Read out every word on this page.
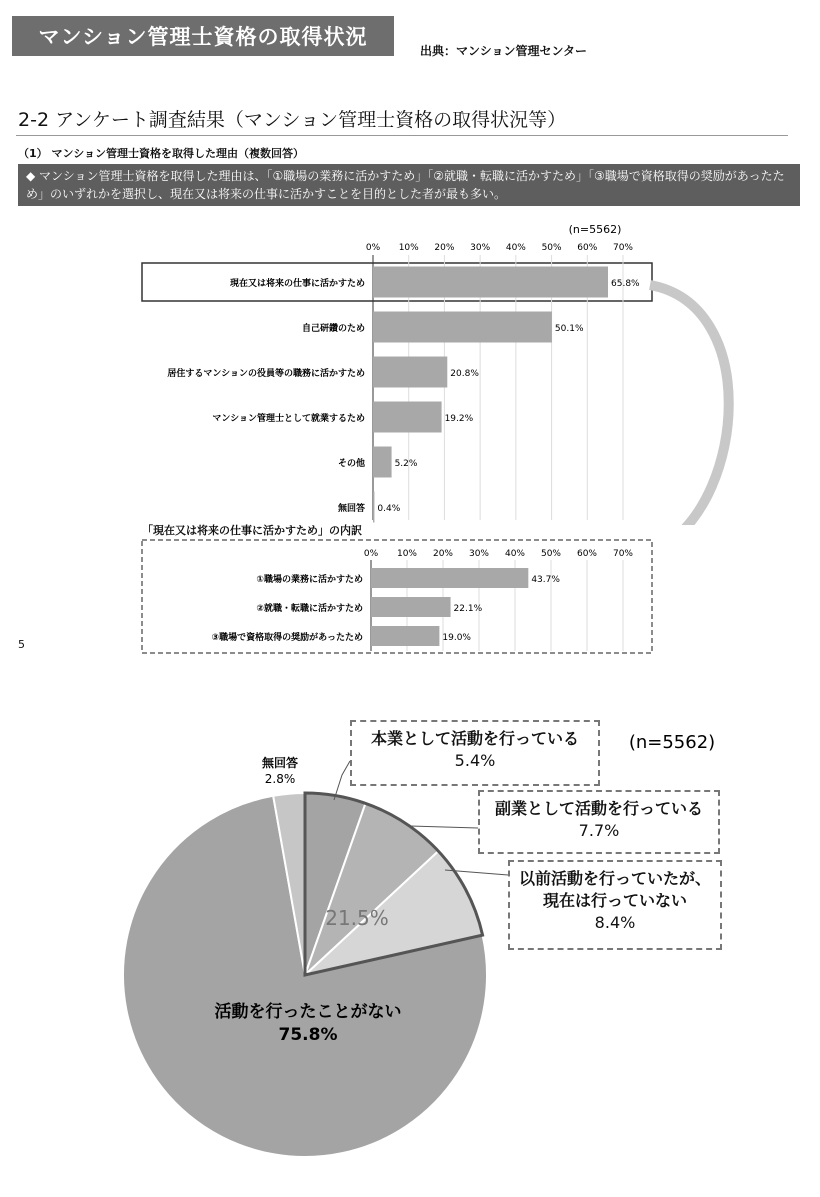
マンション管理士資格の取得状況
出典：マンション管理センター
2-2 アンケート調査結果（マンション管理士資格の取得状況等）
（1） マンション管理士資格を取得した理由（複数回答）
◆ マンション管理士資格を取得した理由は、「①職場の業務に活かすため」「②就職・転職に活かすため」「③職場で資格取得の奨励があったため」のいずれかを選択し、現在又は将来の仕事に活かすことを目的とした者が最も多い。
5
(n=5562)
0% 10% 20% 30% 40% 50% 60% 70%
現在又は将来の仕事に活かすため	65.8%
自己研鑽のため	50.1%
居住するマンションの役員等の職務に活かすため	20.8%
マンション管理士として就業するため	19.2%
その他	5.2%
無回答 0.4%
「現在又は将来の仕事に活かすため」の内訳
0% 10% 20% 30% 40% 50% 60% 70%
①職場の業務に活かすため	43.7%
②就職・転職に活かすため	22.1%
③職場で資格取得の奨励があったため	19.0%
21.5%
活動を行ったことがない
75.8%
無回答
2.8%
(n=5562)
本業として活動を行っている
5.4%
副業として活動を行っている
7.7%
以前活動を行っていたが、
現在は行っていない
8.4%
